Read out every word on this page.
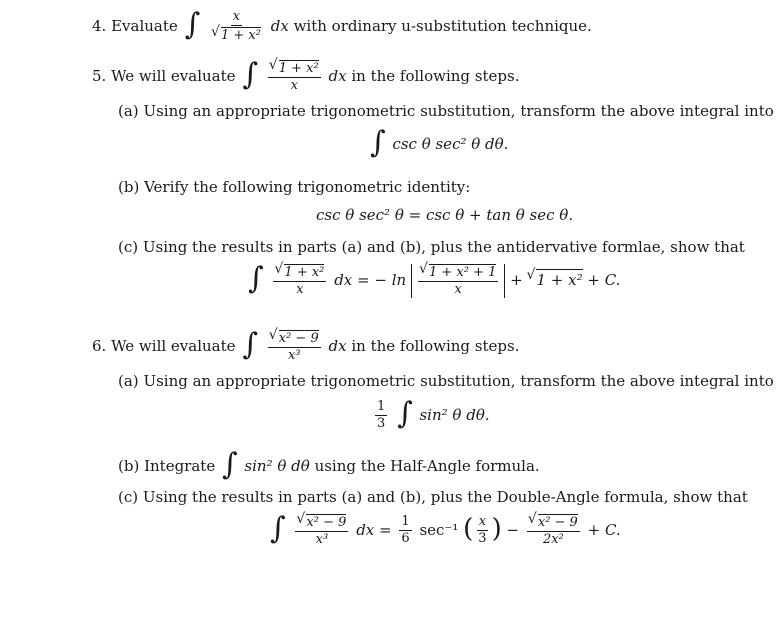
4. Evaluate ∫ x
√ 1 + x² dx with ordinary u-substitution technique.
5. We will evaluate ∫ √ $\frac{\text{1 + x²}}{x}$ dx in the following steps.
(a) Using an appropriate trigonometric substitution, transform the above integral into
∫ csc θ sec² θ dθ.
(b) Verify the following trigonometric identity:
csc θ sec² θ = csc θ + tan θ sec θ.
(c) Using the results in parts (a) and (b), plus the antidervative formlae, show that
∫ √ $\frac{\text{1 + x²}}{x}$ dx = − ln √ $\frac{\text{1 + x² + 1}}{x}$ + √ 1 + x² + C.
6. We will evaluate ∫ √ $\frac{\text{x² − 9}}{\text{x³}}$ dx in the following steps.
(a) Using an appropriate trigonometric substitution, transform the above integral into
$\frac{1}{3}$ ∫ sin² θ dθ.
(b) Integrate ∫ sin² θ dθ using the Half-Angle formula.
(c) Using the results in parts (a) and (b), plus the Double-Angle formula, show that
∫ √ $\frac{\text{x² − 9}}{\text{x³}}$ dx = $\frac{1}{6} \sec^{-1}$ ( $\frac{x}{3}$ ) − √ $\frac{\text{x² − 9}}{\text{2x²}} + C$.
